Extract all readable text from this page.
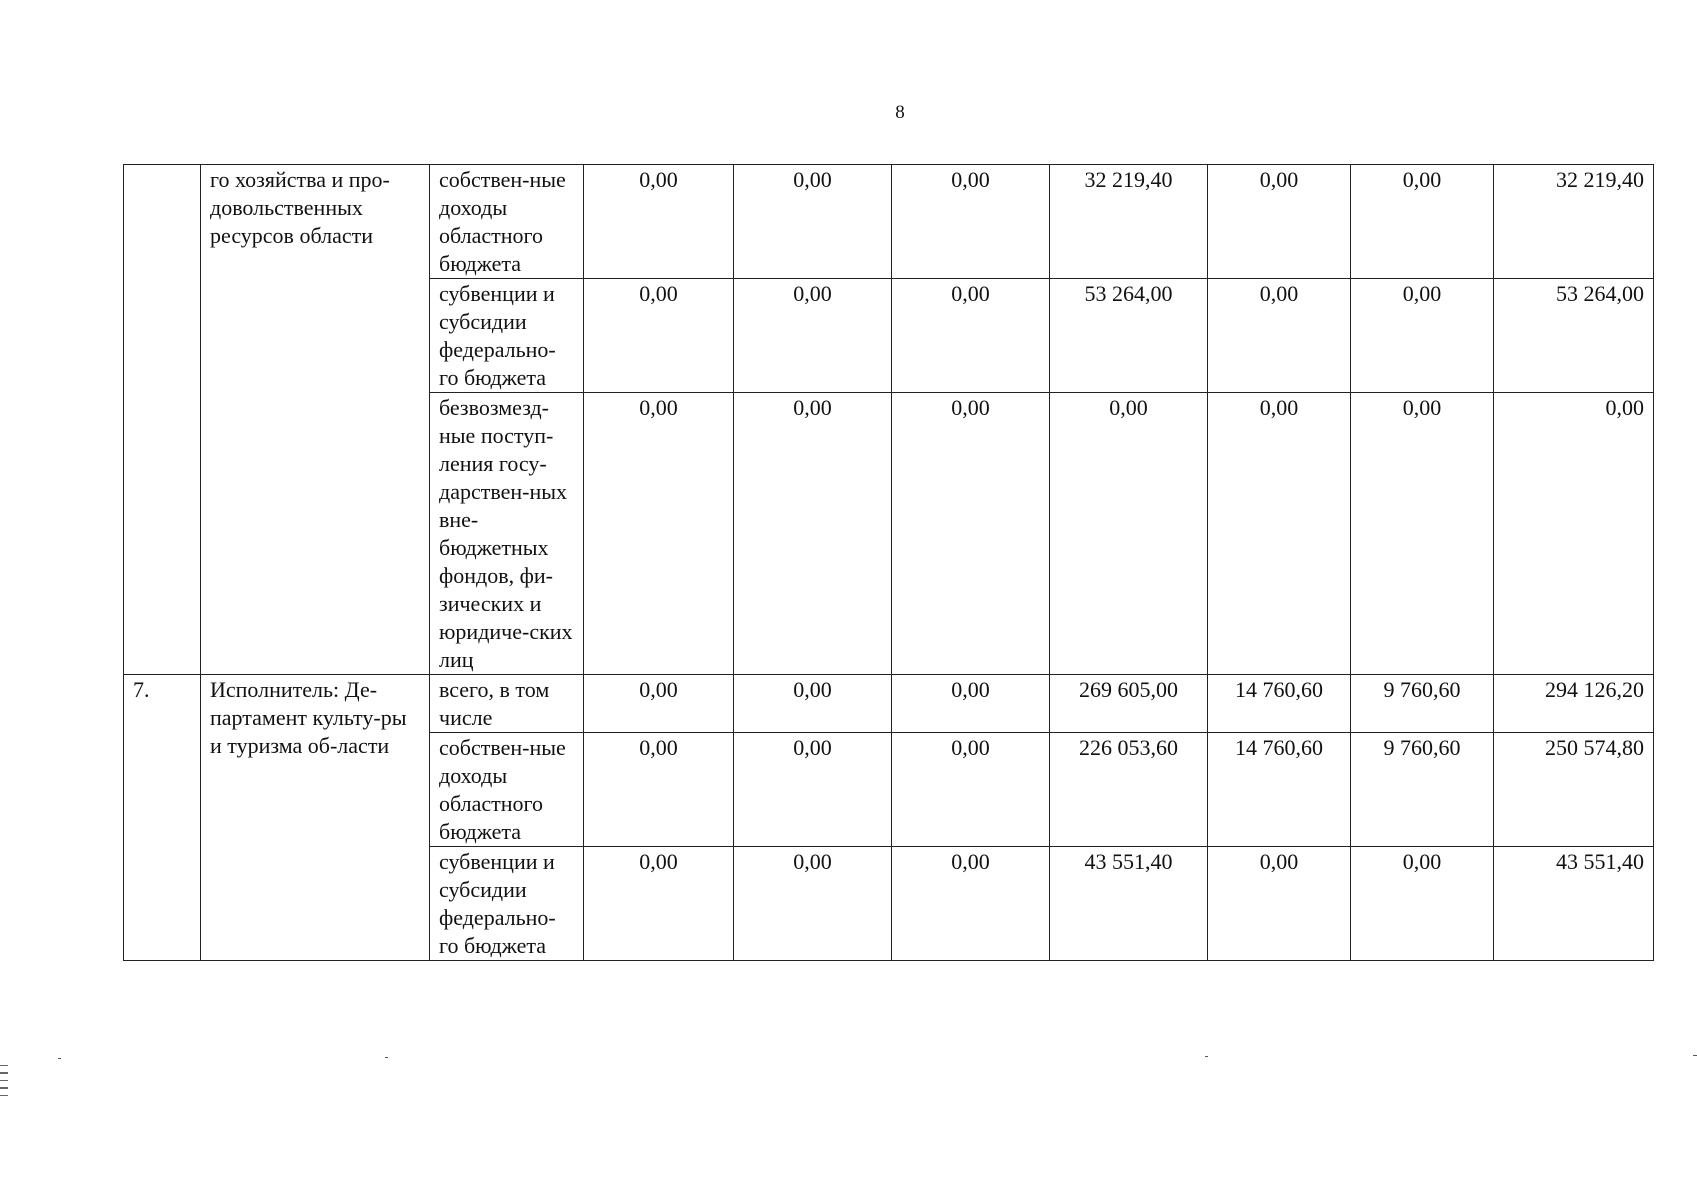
8
	го хозяйства и про-довольственных ресурсов области	собствен-ные доходы областного бюджета	0,00	0,00	0,00	32 219,40	0,00	0,00	32 219,40
		субвенции и субсидии федерально-го бюджета	0,00	0,00	0,00	53 264,00	0,00	0,00	53 264,00
		безвозмезд-ные поступ-ления госу-дарствен-ных вне-бюджетных фондов, фи-зических и юридиче-ских лиц	0,00	0,00	0,00	0,00	0,00	0,00	0,00
7.	Исполнитель: Де-партамент культу-ры и туризма об-ласти	всего, в том числе	0,00	0,00	0,00	269 605,00	14 760,60	9 760,60	294 126,20
		собствен-ные доходы областного бюджета	0,00	0,00	0,00	226 053,60	14 760,60	9 760,60	250 574,80
		субвенции и субсидии федерально-го бюджета	0,00	0,00	0,00	43 551,40	0,00	0,00	43 551,40
